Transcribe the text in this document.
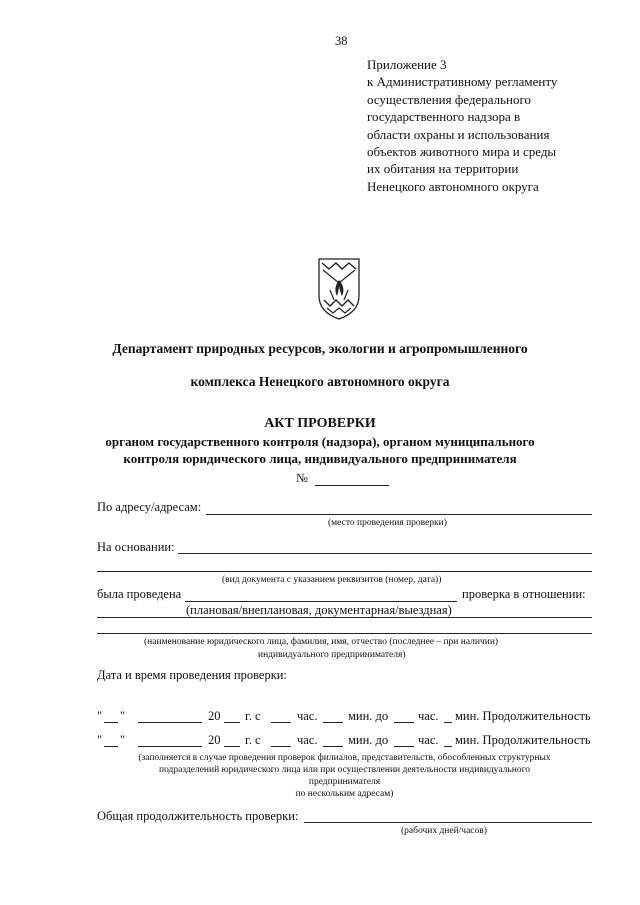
38
Приложение 3
к Административному регламенту
осуществления федерального
государственного надзора в
области охраны и использования
объектов животного мира и среды
их обитания на территории
Ненецкого автономного округа
Департамент природных ресурсов, экологии и агропромышленного
комплекса Ненецкого автономного округа
АКТ ПРОВЕРКИ
органом государственного контроля (надзора), органом муниципального
контроля юридического лица, индивидуального предпринимателя
№
По адресу/адресам:
(место проведения проверки)
На основании:
(вид документа с указанием реквизитов (номер, дата))
была проведена	проверка в отношении:
(плановая/внеплановая, документарная/выездная)
(наименование юридического лица, фамилия, имя, отчество (последнее – при наличии)
индивидуального предпринимателя)
Дата и время проведения проверки:
" "	20 г. с	час. мин. до час. мин. Продолжительность
" "	20 г. с	час. мин. до час. мин. Продолжительность
(заполняется в случае проведения проверок филиалов, представительств, обособленных структурных
подразделений юридического лица или при осуществлении деятельности индивидуального
предпринимателя
по нескольким адресам)
Общая продолжительность проверки:
(рабочих дней/часов)
